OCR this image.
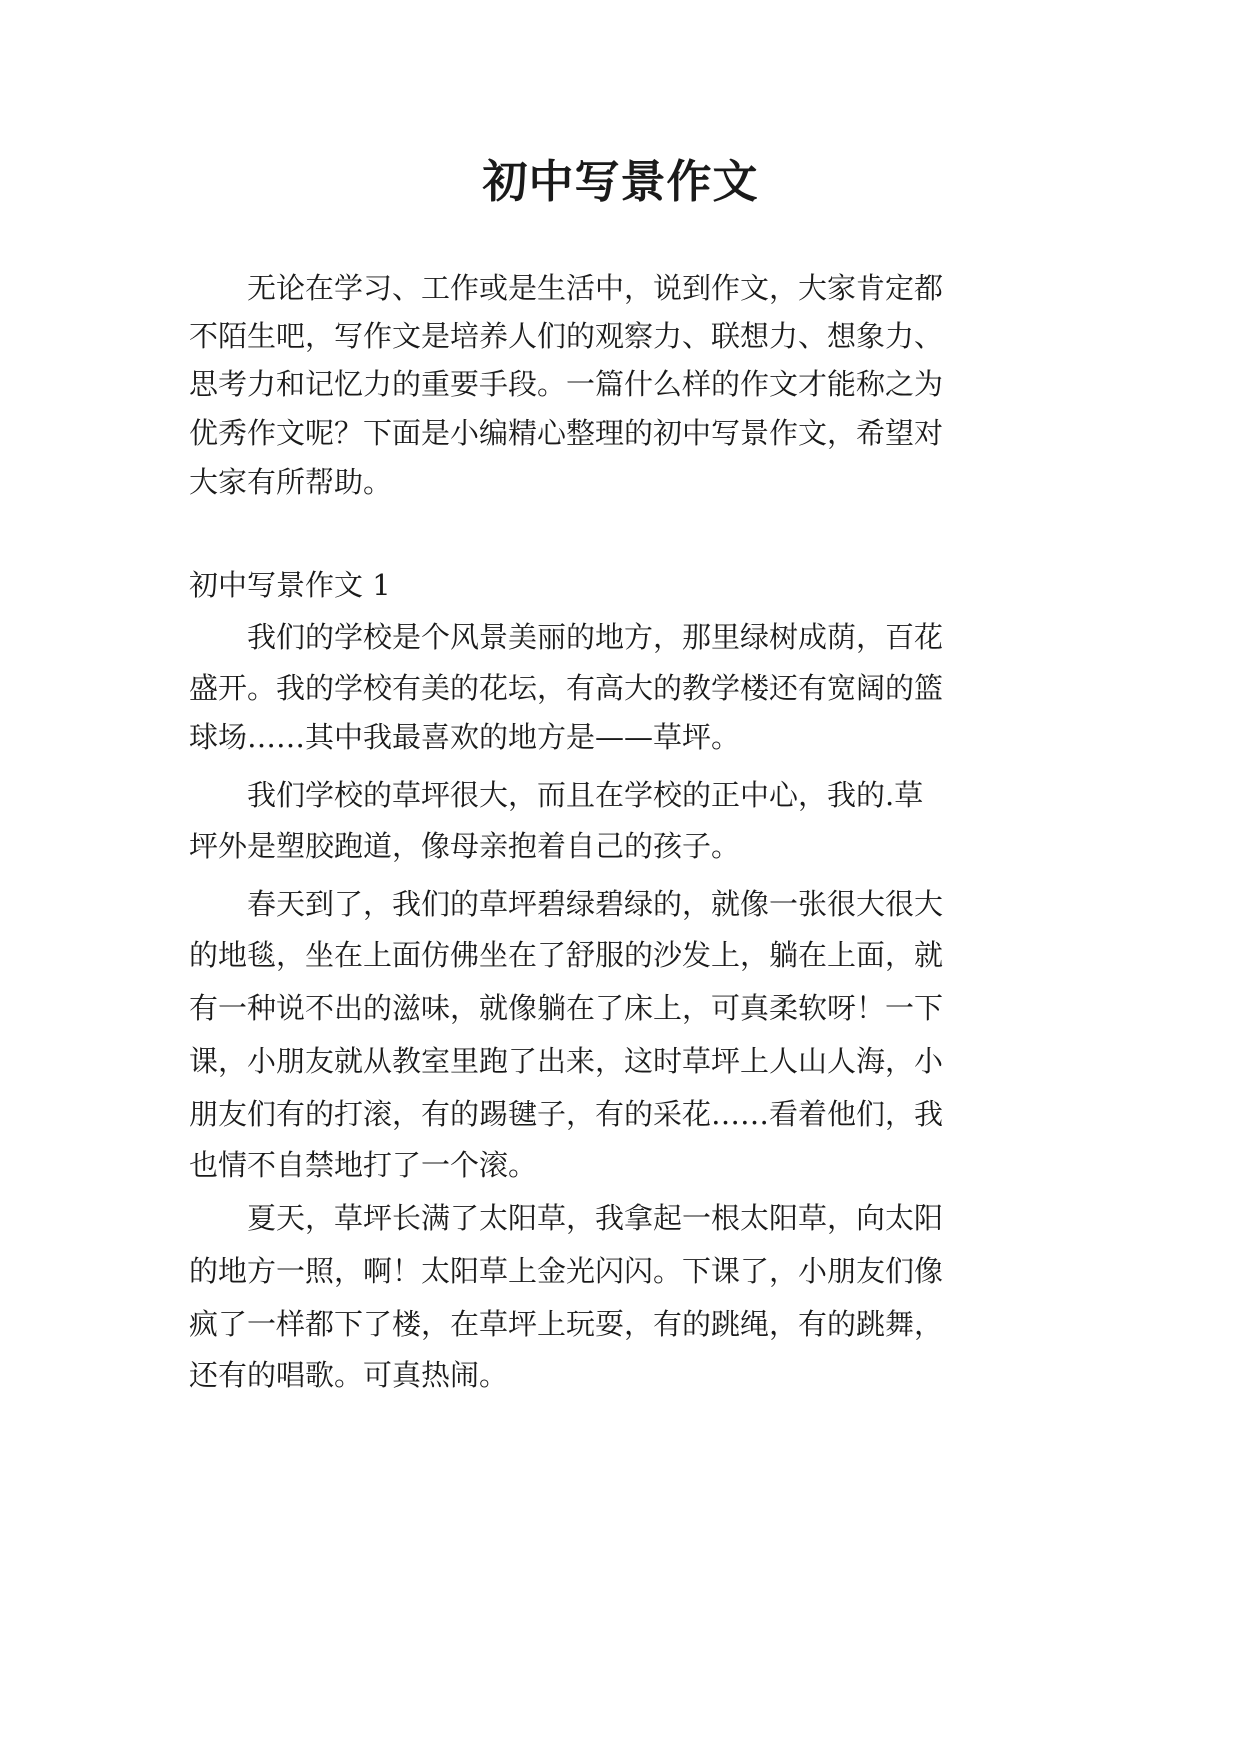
初中写景作文
　　无论在学习、工作或是生活中，说到作文，大家肯定都
不陌生吧，写作文是培养人们的观察力、联想力、想象力、
思考力和记忆力的重要手段。一篇什么样的作文才能称之为
优秀作文呢？下面是小编精心整理的初中写景作文，希望对
大家有所帮助。
初中写景作文 1
　　我们的学校是个风景美丽的地方，那里绿树成荫，百花
盛开。我的学校有美的花坛，有高大的教学楼还有宽阔的篮
球场……其中我最喜欢的地方是——草坪。
　　我们学校的草坪很大，而且在学校的正中心，我的.草
坪外是塑胶跑道，像母亲抱着自己的孩子。
　　春天到了，我们的草坪碧绿碧绿的，就像一张很大很大
的地毯，坐在上面仿佛坐在了舒服的沙发上，躺在上面，就
有一种说不出的滋味，就像躺在了床上，可真柔软呀！一下
课，小朋友就从教室里跑了出来，这时草坪上人山人海，小
朋友们有的打滚，有的踢毽子，有的采花……看着他们，我
也情不自禁地打了一个滚。
　　夏天，草坪长满了太阳草，我拿起一根太阳草，向太阳
的地方一照，啊！太阳草上金光闪闪。下课了，小朋友们像
疯了一样都下了楼，在草坪上玩耍，有的跳绳，有的跳舞，
还有的唱歌。可真热闹。
